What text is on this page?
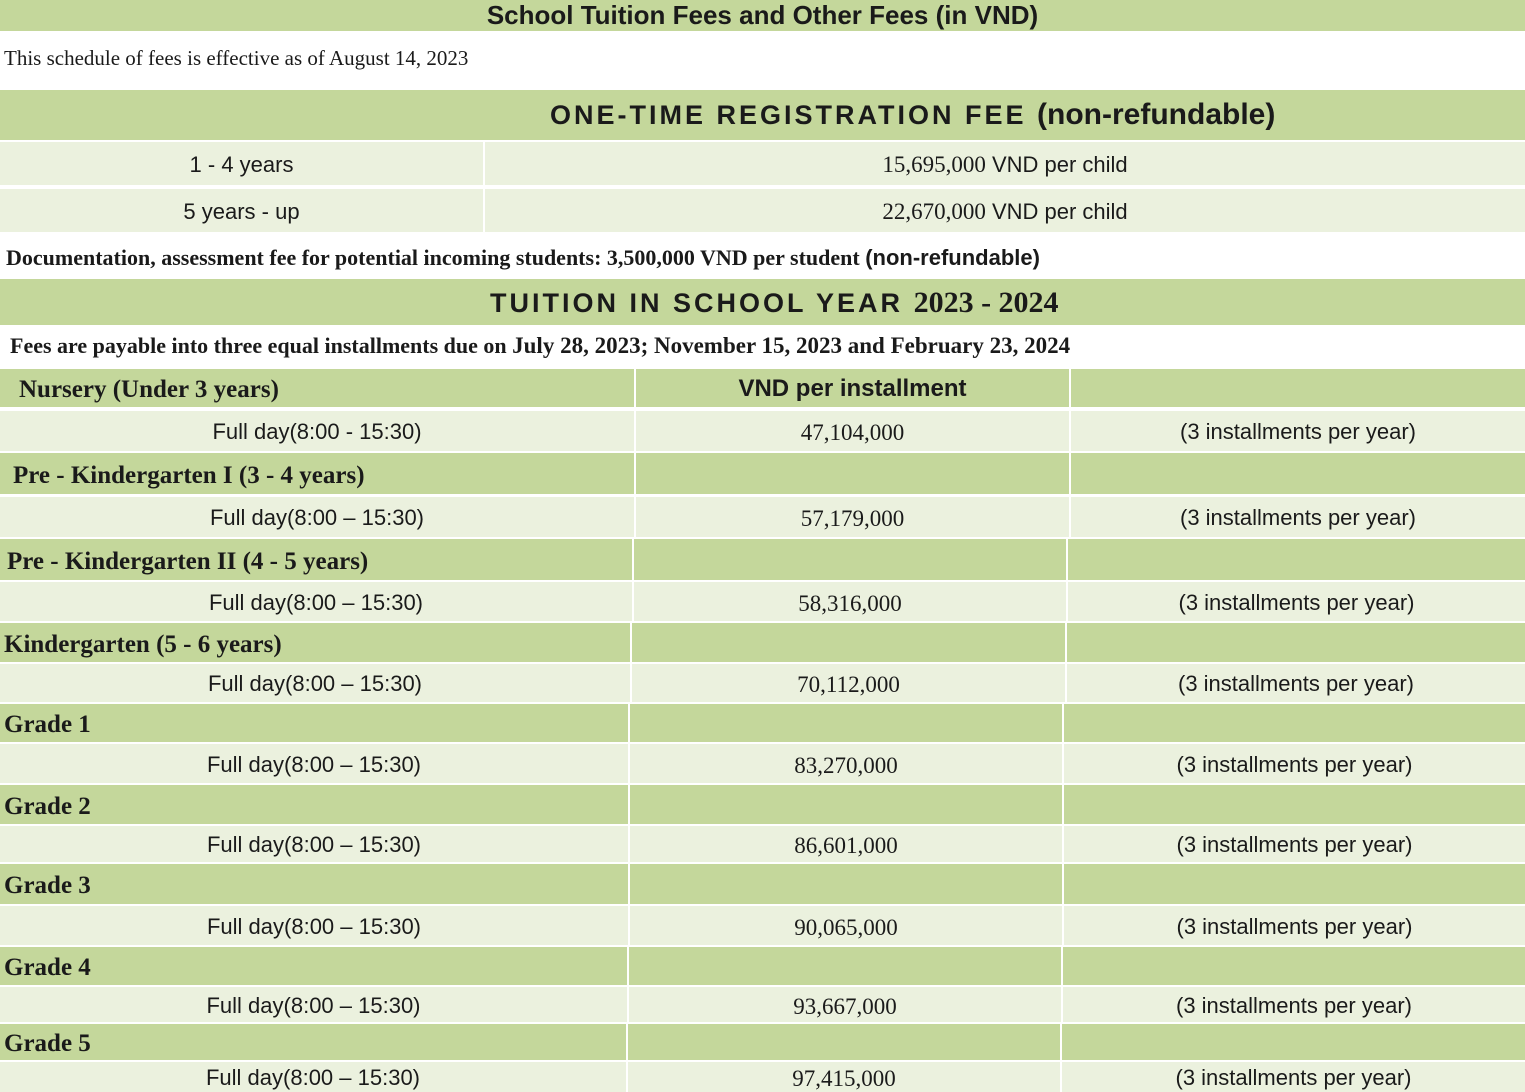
School Tuition Fees and Other Fees (in VND)
This schedule of fees is effective as of August 14, 2023
ONE-TIME REGISTRATION FEE (non-refundable)
1 - 4 years	15,695,000 VND per child
5 years - up	22,670,000 VND per child
Documentation, assessment fee for potential incoming students: 3,500,000 VND per student (non-refundable)
TUITION IN SCHOOL YEAR 2023 - 2024
Fees are payable into three equal installments due on July 28, 2023; November 15, 2023 and February 23, 2024
Nursery (Under 3 years)	VND per installment
Full day(8:00 - 15:30)	47,104,000	(3 installments per year)
Pre - Kindergarten I (3 - 4 years)
Full day(8:00 – 15:30)	57,179,000	(3 installments per year)
Pre - Kindergarten II (4 - 5 years)
Full day(8:00 – 15:30)	58,316,000	(3 installments per year)
Kindergarten (5 - 6 years)
Full day(8:00 – 15:30)	70,112,000	(3 installments per year)
Grade 1
Full day(8:00 – 15:30)	83,270,000	(3 installments per year)
Grade 2
Full day(8:00 – 15:30)	86,601,000	(3 installments per year)
Grade 3
Full day(8:00 – 15:30)	90,065,000	(3 installments per year)
Grade 4
Full day(8:00 – 15:30)	93,667,000	(3 installments per year)
Grade 5
Full day(8:00 – 15:30)	97,415,000	(3 installments per year)
